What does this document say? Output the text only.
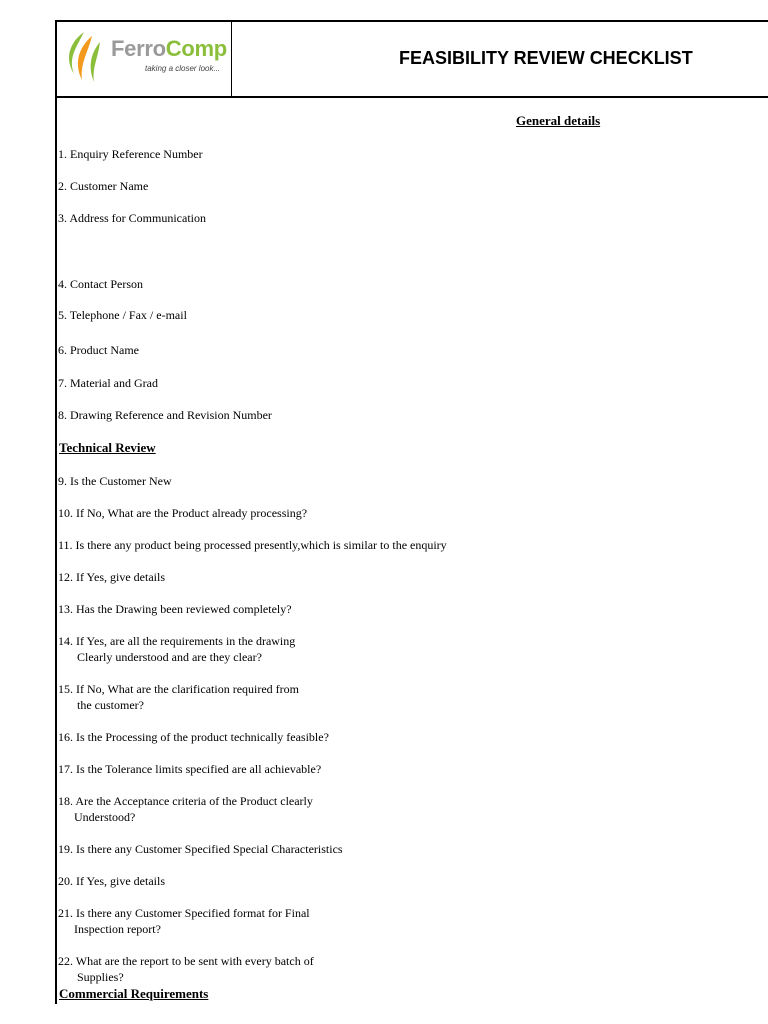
FerroComp
taking a closer look...
FEASIBILITY REVIEW CHECKLIST
General details
1. Enquiry Reference Number
2. Customer Name
3. Address for Communication
4. Contact Person
5. Telephone / Fax / e-mail
6. Product Name
7. Material and Grad
8. Drawing Reference and Revision Number
Technical Review
9. Is the Customer New
10. If No, What are the Product already processing?
11. Is there any product being processed presently,which is similar to the enquiry
12. If Yes, give details
13. Has the Drawing been reviewed completely?
14. If Yes, are all the requirements in the drawing
Clearly understood and are they clear?
15. If No, What are the clarification required from
the customer?
16. Is the Processing of the product technically feasible?
17. Is the Tolerance limits specified are all achievable?
18. Are the Acceptance criteria of the Product clearly
Understood?
19. Is there any Customer Specified Special Characteristics
20. If Yes, give details
21. Is there any Customer Specified format for Final
Inspection report?
22. What are the report to be sent with every batch of
Supplies?
Commercial Requirements
